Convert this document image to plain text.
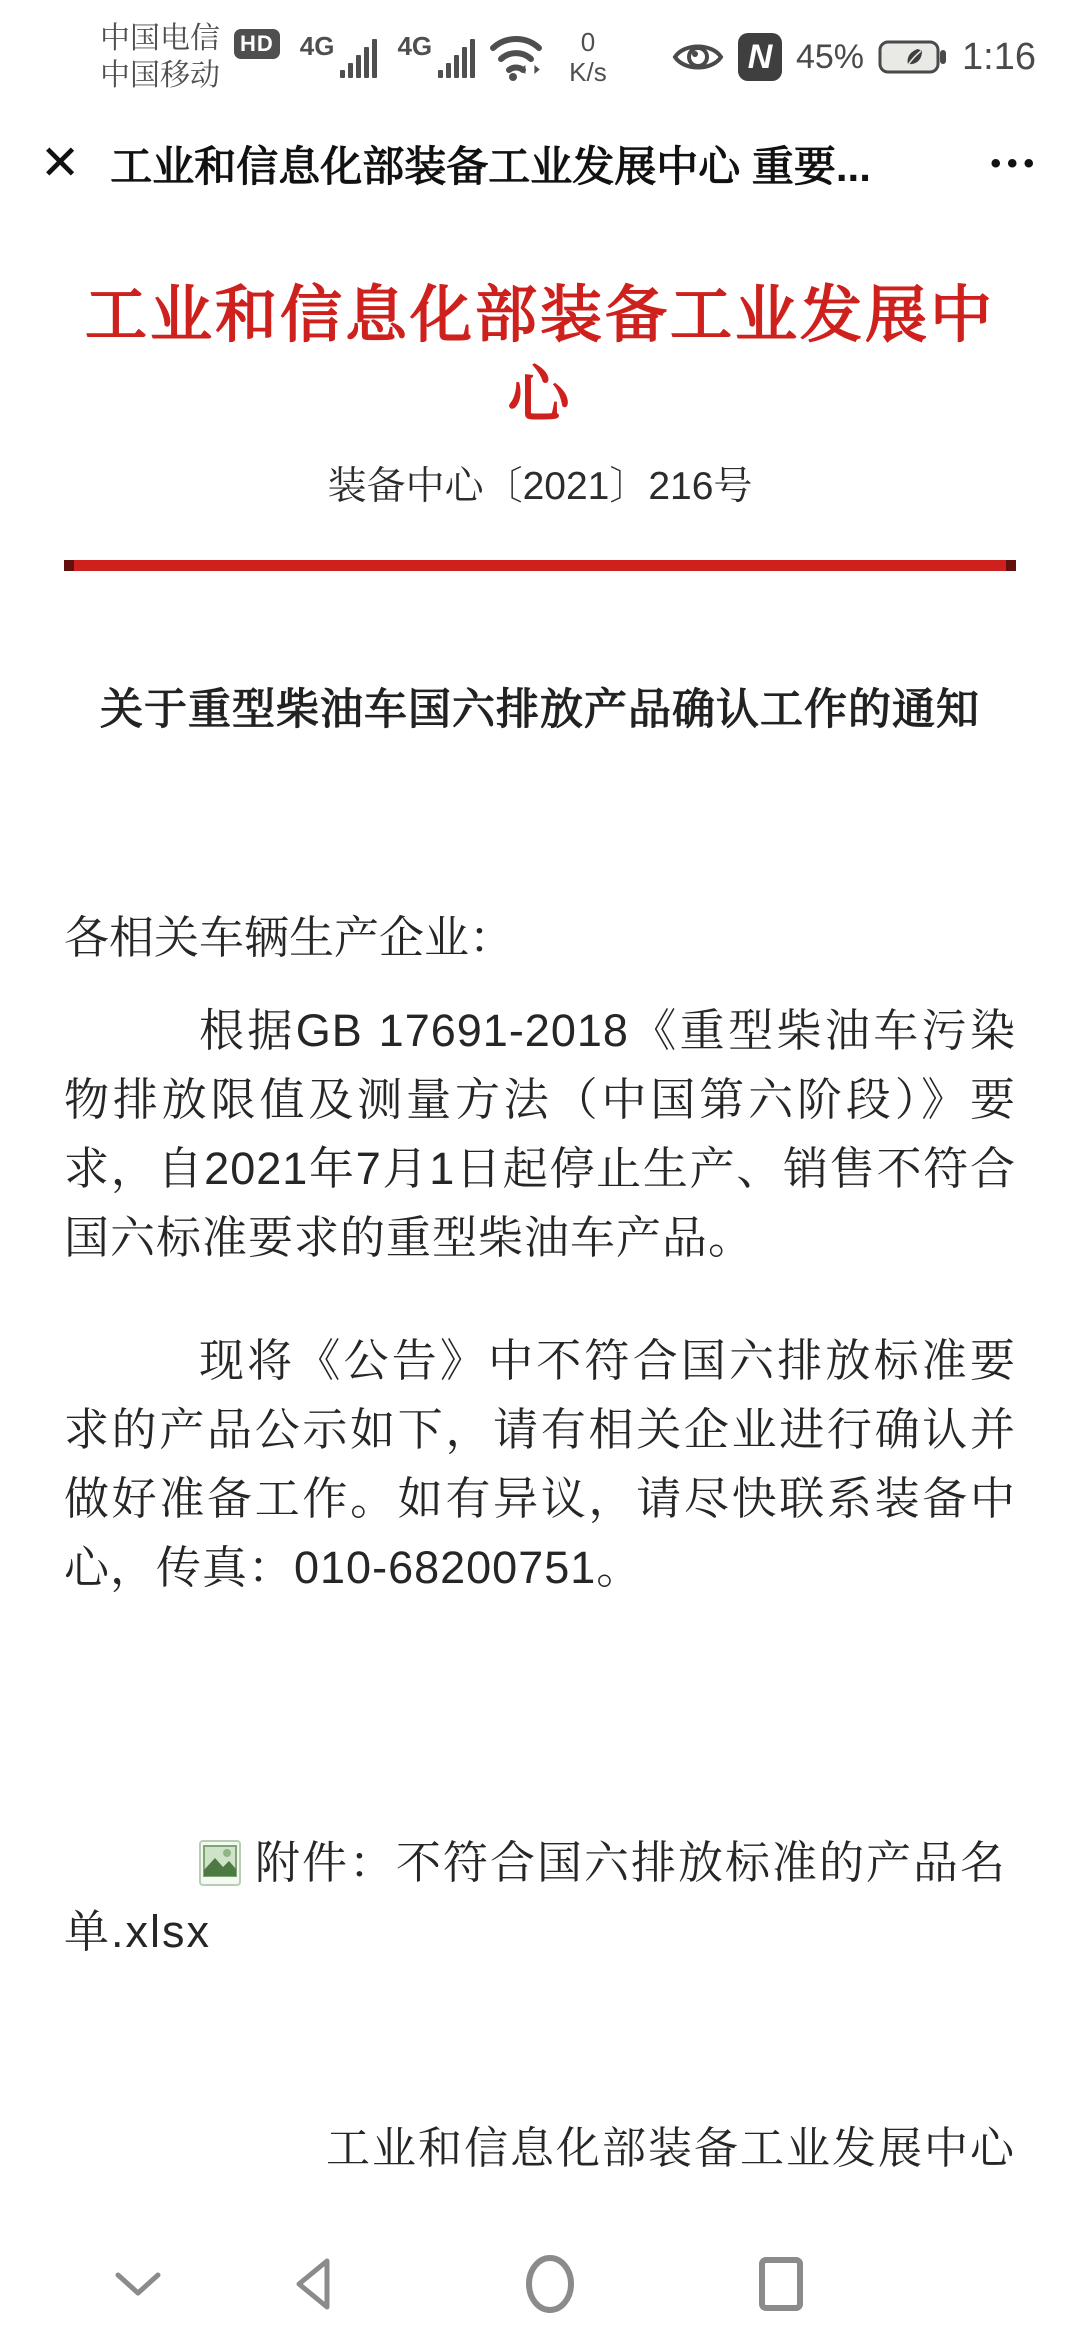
中国电信
中国移动
HD 4G 4G	0
K/s	N 45%	1:16
✕ 工业和信息化部装备工业发展中心 重要...	•••
工业和信息化部装备工业发展中心
装备中心〔2021〕216号
关于重型柴油车国六排放产品确认工作的通知
各相关车辆生产企业：

根据GB 17691-2018《重型柴油车污染物排放限值及测量方法（中国第六阶段）》要求，自2021年7月1日起停止生产、销售不符合国六标准要求的重型柴油车产品。

现将《公告》中不符合国六排放标准要求的产品公示如下，请有相关企业进行确认并做好准备工作。如有异议，请尽快联系装备中心，传真：010-68200751。

附件：不符合国六排放标准的产品名单.xlsx

工业和信息化部装备工业发展中心
